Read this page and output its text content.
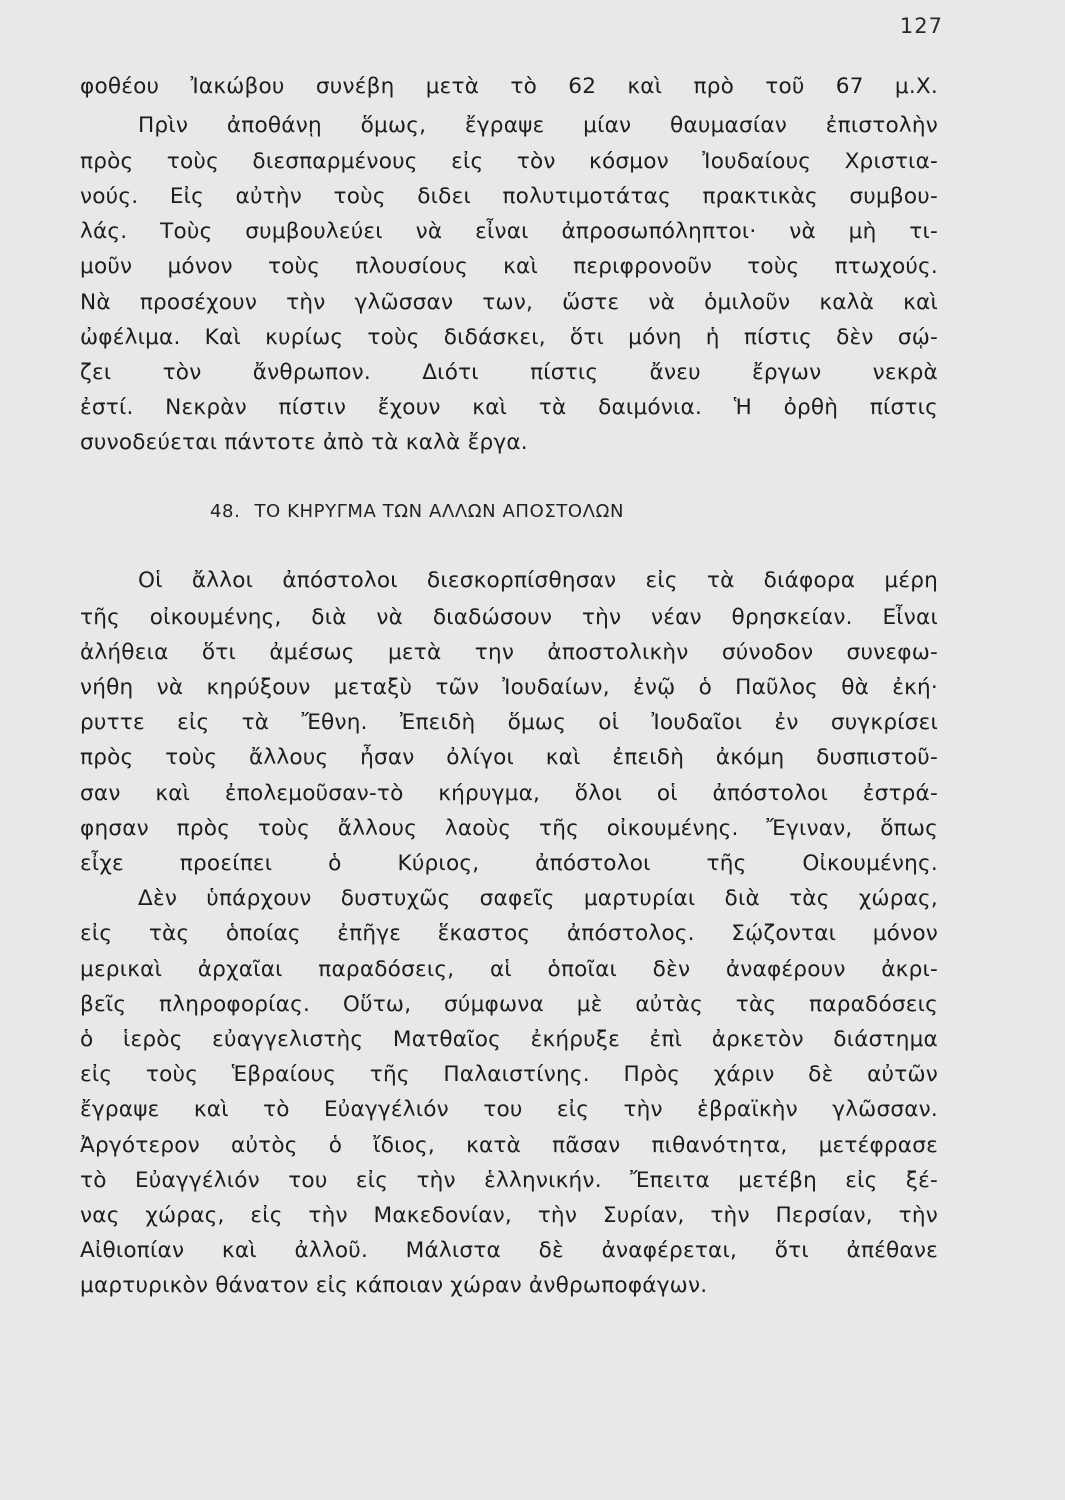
127
φοθέου Ἰακώβου συνέβη μετὰ τὸ 62 καὶ πρὸ τοῦ 67 μ.Χ.
Πρὶν ἀποθάνῃ ὅμως, ἔγραψε μίαν θαυμασίαν ἐπιστολὴν
πρὸς τοὺς διεσπαρμένους εἰς τὸν κόσμον Ἰουδαίους Χριστια-
νούς. Εἰς αὐτὴν τοὺς διδει πολυτιμοτάτας πρακτικὰς συμβου-
λάς. Τοὺς συμβουλεύει νὰ εἶναι ἀπροσωπόληπτοι· νὰ μὴ τι-
μοῦν μόνον τοὺς πλουσίους καὶ περιφρονοῦν τοὺς πτωχούς.
Νὰ προσέχουν τὴν γλῶσσαν των, ὥστε νὰ ὁμιλοῦν καλὰ καὶ
ὠφέλιμα. Καὶ κυρίως τοὺς διδάσκει, ὅτι μόνη ἡ πίστις δὲν σῴ-
ζει τὸν ἄνθρωπον. Διότι πίστις ἄνευ ἔργων νεκρὰ
ἐστί. Νεκρὰν πίστιν ἔχουν καὶ τὰ δαιμόνια. Ἡ ὀρθὴ πίστις
συνοδεύεται πάντοτε ἀπὸ τὰ καλὰ ἔργα.
48. ΤΟ ΚΗΡΥΓΜΑ ΤΩΝ ΑΛΛΩΝ ΑΠΟΣΤΟΛΩΝ
Οἱ ἄλλοι ἀπόστολοι διεσκορπίσθησαν εἰς τὰ διάφορα μέρη
τῆς οἰκουμένης, διὰ νὰ διαδώσουν τὴν νέαν θρησκείαν. Εἶναι
ἀλήθεια ὅτι ἀμέσως μετὰ την ἀποστολικὴν σύνοδον συνεφω-
νήθη νὰ κηρύξουν μεταξὺ τῶν Ἰουδαίων, ἐνῷ ὁ Παῦλος θὰ ἐκή·
ρυττε εἰς τὰ Ἔθνη. Ἐπειδὴ ὅμως οἱ Ἰουδαῖοι ἐν συγκρίσει
πρὸς τοὺς ἄλλους ἦσαν ὀλίγοι καὶ ἐπειδὴ ἀκόμη δυσπιστοῦ-
σαν καὶ ἐπολεμοῦσαν-τὸ κήρυγμα, ὅλοι οἱ ἀπόστολοι ἐστρά-
φησαν πρὸς τοὺς ἄλλους λαοὺς τῆς οἰκουμένης. Ἔγιναν, ὅπως
εἶχε προείπει ὁ Κύριος, ἀπόστολοι τῆς Οἰκουμένης.
Δὲν ὑπάρχουν δυστυχῶς σαφεῖς μαρτυρίαι διὰ τὰς χώρας,
εἰς τὰς ὁποίας ἐπῆγε ἕκαστος ἀπόστολος. Σῴζονται μόνον
μερικαὶ ἀρχαῖαι παραδόσεις, αἱ ὁποῖαι δὲν ἀναφέρουν ἀκρι-
βεῖς πληροφορίας. Οὕτω, σύμφωνα μὲ αὐτὰς τὰς παραδόσεις
ὁ ἱερὸς εὐαγγελιστὴς Ματθαῖος ἐκήρυξε ἐπὶ ἀρκετὸν διάστημα
εἰς τοὺς Ἑβραίους τῆς Παλαιστίνης. Πρὸς χάριν δὲ αὐτῶν
ἔγραψε καὶ τὸ Εὐαγγέλιόν του εἰς τὴν ἑβραϊκὴν γλῶσσαν.
Ἀργότερον αὐτὸς ὁ ἴδιος, κατὰ πᾶσαν πιθανότητα, μετέφρασε
τὸ Εὐαγγέλιόν του εἰς τὴν ἑλληνικήν. Ἔπειτα μετέβη εἰς ξέ-
νας χώρας, εἰς τὴν Μακεδονίαν, τὴν Συρίαν, τὴν Περσίαν, τὴν
Αἰθιοπίαν καὶ ἀλλοῦ. Μάλιστα δὲ ἀναφέρεται, ὅτι ἀπέθανε
μαρτυρικὸν θάνατον εἰς κάποιαν χώραν ἀνθρωποφάγων.
